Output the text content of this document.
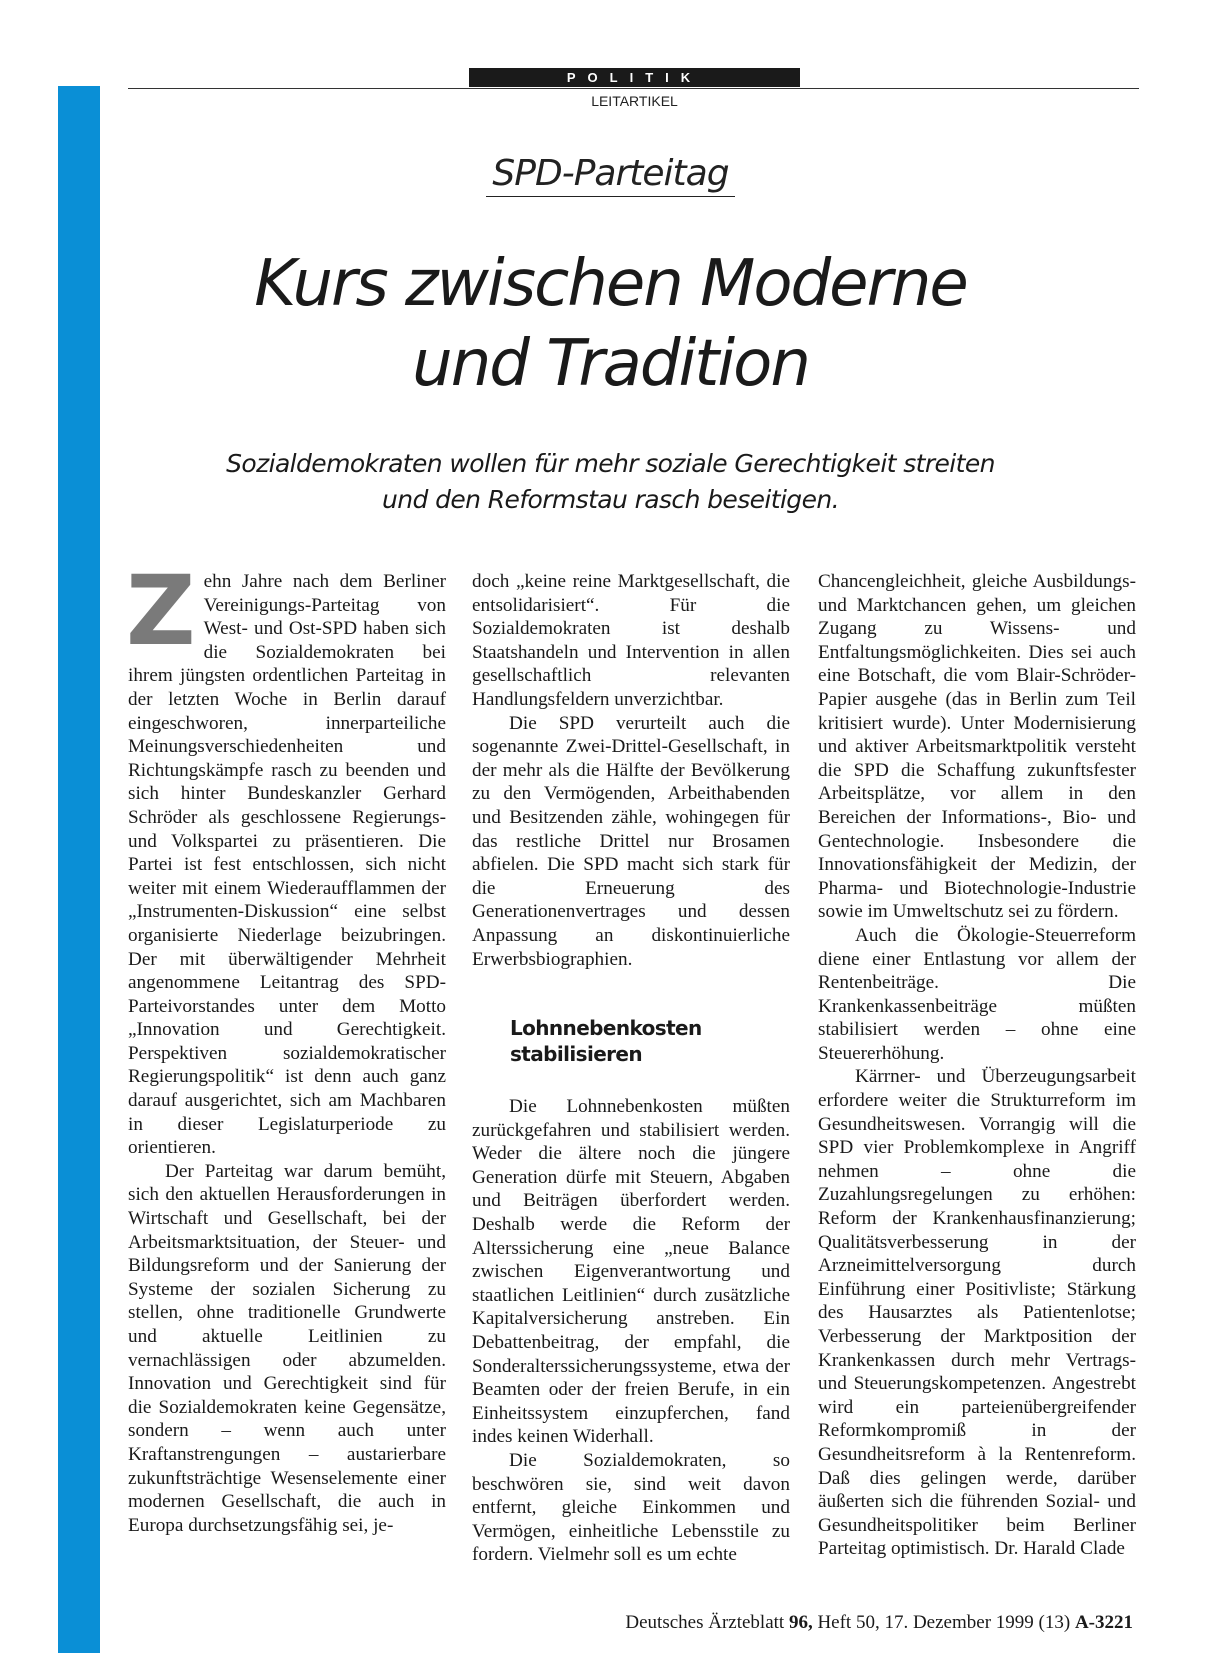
POLITIK
LEITARTIKEL
SPD-Parteitag
Kurs zwischen Moderne
und Tradition
Sozialdemokraten wollen für mehr soziale Gerechtigkeit streiten
und den Reformstau rasch beseitigen.
Z ehn Jahre nach dem Berliner Vereinigungs-Parteitag von West- und Ost-SPD haben sich die Sozialdemokraten bei ihrem jüngsten ordentlichen Parteitag in der letzten Woche in Berlin darauf eingeschworen, innerparteiliche Meinungsverschiedenheiten und Richtungskämpfe rasch zu beenden und sich hinter Bundeskanzler Gerhard Schröder als geschlossene Regierungs- und Volkspartei zu präsentieren. Die Partei ist fest entschlossen, sich nicht weiter mit einem Wiederaufflammen der „Instrumenten-Diskussion“ eine selbst organisierte Niederlage beizubringen. Der mit überwältigender Mehrheit angenommene Leitantrag des SPD-Parteivorstandes unter dem Motto „Innovation und Gerechtigkeit. Perspektiven sozialdemokratischer Regierungspolitik“ ist denn auch ganz darauf ausgerichtet, sich am Machbaren in dieser Legislaturperiode zu orientieren.

Der Parteitag war darum bemüht, sich den aktuellen Herausforderungen in Wirtschaft und Gesellschaft, bei der Arbeitsmarktsituation, der Steuer- und Bildungsreform und der Sanierung der Systeme der sozialen Sicherung zu stellen, ohne traditionelle Grundwerte und aktuelle Leitlinien zu vernachlässigen oder abzumelden. Innovation und Gerechtigkeit sind für die Sozialdemokraten keine Gegensätze, sondern – wenn auch unter Kraftanstrengungen – austarierbare zukunftsträchtige Wesenselemente einer modernen Gesellschaft, die auch in Europa durchsetzungsfähig sei, je-

doch „keine reine Marktgesellschaft, die entsolidarisiert“. Für die Sozialdemokraten ist deshalb Staatshandeln und Intervention in allen gesellschaftlich relevanten Handlungsfeldern unverzichtbar.

Die SPD verurteilt auch die sogenannte Zwei-Drittel-Gesellschaft, in der mehr als die Hälfte der Bevölkerung zu den Vermögenden, Arbeithabenden und Besitzenden zähle, wohingegen für das restliche Drittel nur Brosamen abfielen. Die SPD macht sich stark für die Erneuerung des Generationenvertrages und dessen Anpassung an diskontinuierliche Erwerbsbiographien.

Lohnnebenkosten
stabilisieren

Die Lohnnebenkosten müßten zurückgefahren und stabilisiert werden. Weder die ältere noch die jüngere Generation dürfe mit Steuern, Abgaben und Beiträgen überfordert werden. Deshalb werde die Reform der Alterssicherung eine „neue Balance zwischen Eigenverantwortung und staatlichen Leitlinien“ durch zusätzliche Kapitalversicherung anstreben. Ein Debattenbeitrag, der empfahl, die Sonderalterssicherungssysteme, etwa der Beamten oder der freien Berufe, in ein Einheitssystem einzupferchen, fand indes keinen Widerhall.

Die Sozialdemokraten, so beschwören sie, sind weit davon entfernt, gleiche Einkommen und Vermögen, einheitliche Lebensstile zu fordern. Vielmehr soll es um echte

Chancengleichheit, gleiche Ausbildungs- und Marktchancen gehen, um gleichen Zugang zu Wissens- und Entfaltungsmöglichkeiten. Dies sei auch eine Botschaft, die vom Blair-Schröder-Papier ausgehe (das in Berlin zum Teil kritisiert wurde). Unter Modernisierung und aktiver Arbeitsmarktpolitik versteht die SPD die Schaffung zukunftsfester Arbeitsplätze, vor allem in den Bereichen der Informations-, Bio- und Gentechnologie. Insbesondere die Innovationsfähigkeit der Medizin, der Pharma- und Biotechnologie-Industrie sowie im Umweltschutz sei zu fördern.

Auch die Ökologie-Steuerreform diene einer Entlastung vor allem der Rentenbeiträge. Die Krankenkassenbeiträge müßten stabilisiert werden – ohne eine Steuererhöhung.

Kärrner- und Überzeugungsarbeit erfordere weiter die Strukturreform im Gesundheitswesen. Vorrangig will die SPD vier Problemkomplexe in Angriff nehmen – ohne die Zuzahlungsregelungen zu erhöhen: Reform der Krankenhausfinanzierung; Qualitätsverbesserung in der Arzneimittelversorgung durch Einführung einer Positivliste; Stärkung des Hausarztes als Patientenlotse; Verbesserung der Marktposition der Krankenkassen durch mehr Vertrags- und Steuerungskompetenzen. Angestrebt wird ein parteienübergreifender Reformkompromiß in der Gesundheitsreform à la Rentenreform. Daß dies gelingen werde, darüber äußerten sich die führenden Sozial- und Gesundheitspolitiker beim Berliner Parteitag optimistisch. Dr. Harald Clade

Deutsches Ärzteblatt 96, Heft 50, 17. Dezember 1999 (13) A-3221
